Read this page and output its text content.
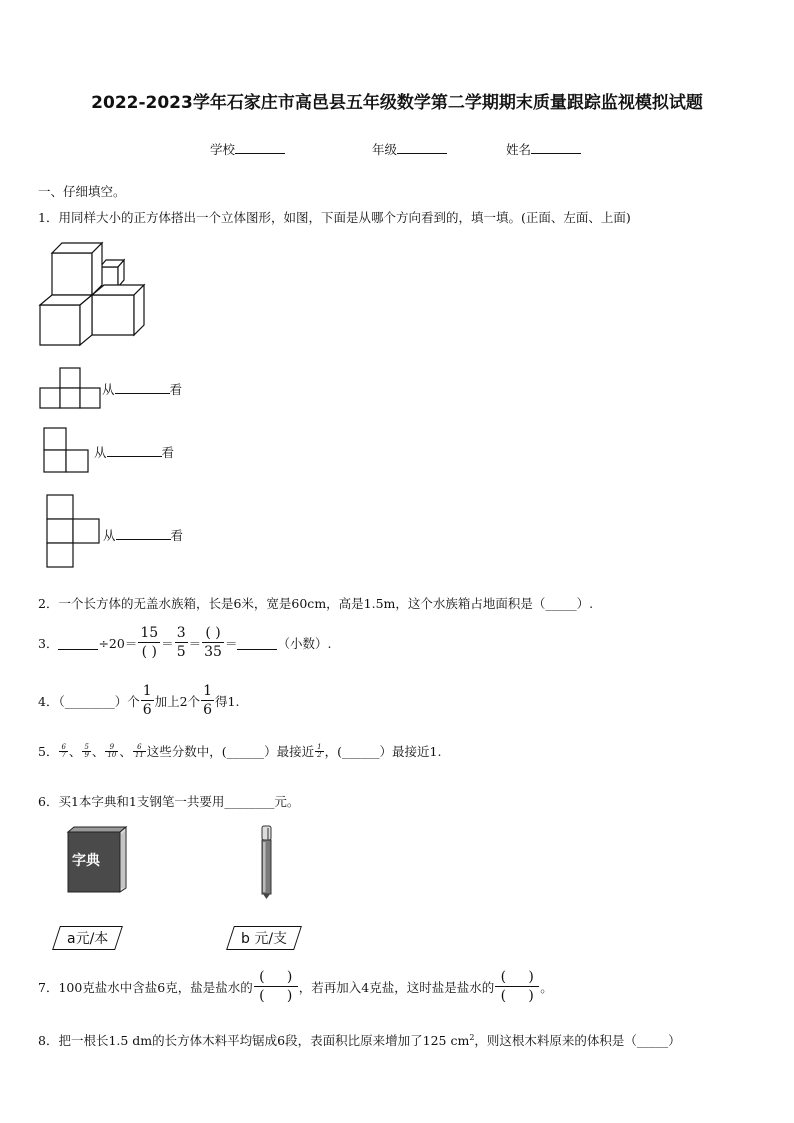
2022-2023学年石家庄市高邑县五年级数学第二学期期末质量跟踪监视模拟试题
学校	年级	姓名
一、仔细填空。
1．用同样大小的正方体搭出一个立体图形，如图，下面是从哪个方向看到的，填一填。(正面、左面、上面)
从	看
从	看
从	看
2．一个长方体的无盖水族箱，长是6米，宽是60cm，高是1.5m，这个水族箱占地面积是（_____）.
3．	$\div 20= \frac{15}{( )} = \frac{3}{5} = \frac{( )}{35}$ ＝	（小数）.
4．（________）个 $\frac{1}{6}$ 加上2个 $\frac{1}{6}$ 得1.
5． $\frac{6}{7}$ 、 $\frac{5}{9}$ 、 $\frac{9}{10}$ 、 $\frac{6}{11}$ 这些分数中，(______）最接近 $\frac{1}{2}$ ，(______）最接近1.
6．买1本字典和1支钢笔一共要用________元。
字典
a元/本	b 元/支
7．100克盐水中含盐6克，盐是盐水的 $\frac{( )}{( )}$ ，若再加入4克盐，这时盐是盐水的 $\frac{( )}{( )}$ 。
8．把一根长1.5 dm的长方体木料平均锯成6段，表面积比原来增加了125 $cm^2$，则这根木料原来的体积是（_____）
